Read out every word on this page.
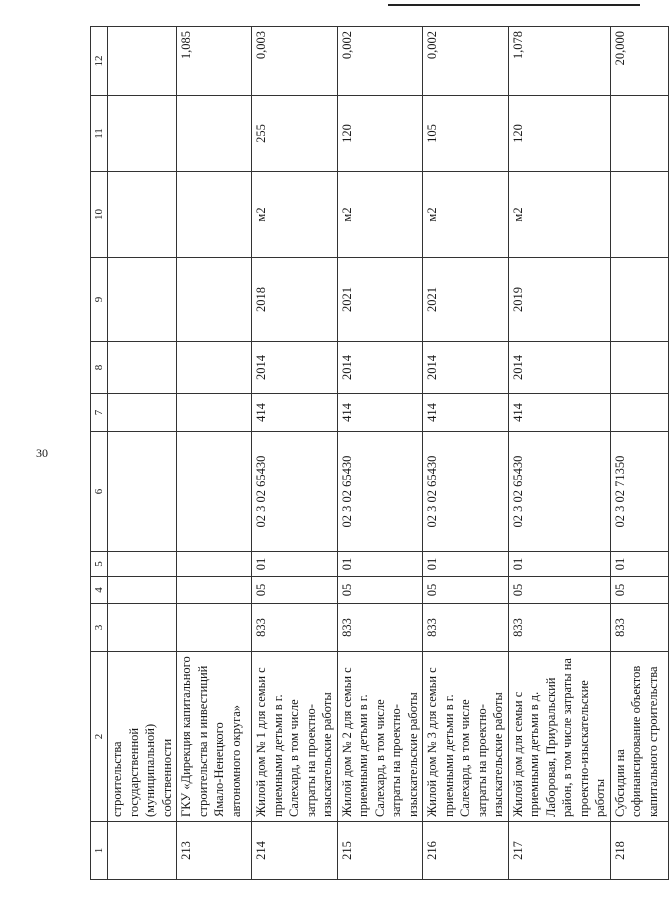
30
1	2	3	4	5	6	7	8	9	10	11	12
	строительства государственной (муниципальной) собственности										
213	ГКУ «Дирекция капитального строительства и инвестиций Ямало-Ненецкого автономного округа»										1,085
214	Жилой дом № 1 для семьи с приемными детьми в г. Салехард, в том числе затраты на проектно-изыскательские работы	833	05	01	02 3 02 65430	414	2014	2018	м2	255	0,003
215	Жилой дом № 2 для семьи с приемными детьми в г. Салехард, в том числе затраты на проектно-изыскательские работы	833	05	01	02 3 02 65430	414	2014	2021	м2	120	0,002
216	Жилой дом № 3 для семьи с приемными детьми в г. Салехард, в том числе затраты на проектно-изыскательские работы	833	05	01	02 3 02 65430	414	2014	2021	м2	105	0,002
217	Жилой дом для семьи с приемными детьми в д. Лаборовая, Приуральский район, в том числе затраты на проектно-изыскательские работы	833	05	01	02 3 02 65430	414	2014	2019	м2	120	1,078
218	Субсидии на софинансирование объектов капитального строительства	833	05	01	02 3 02 71350						20,000
